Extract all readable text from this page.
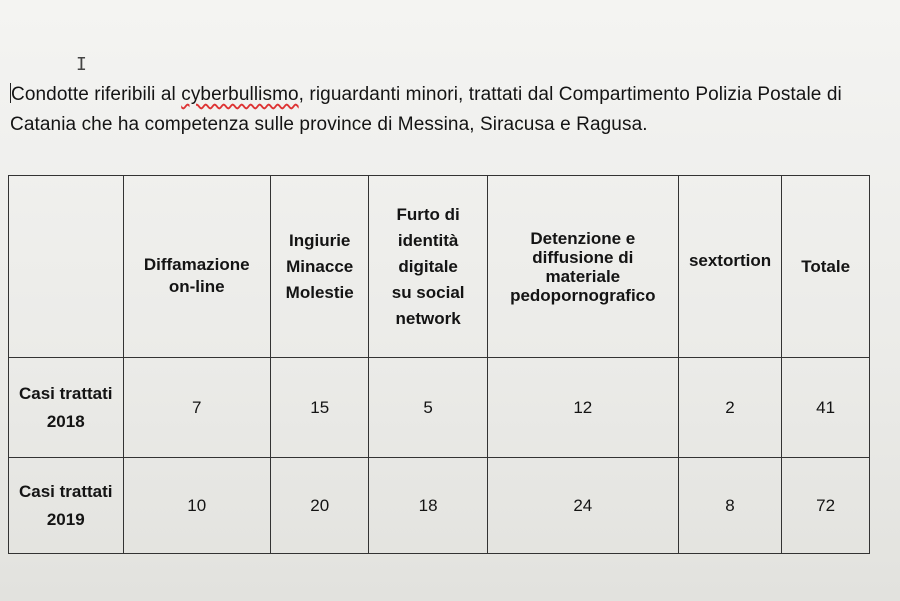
I
Condotte riferibili al cyberbullismo, riguardanti minori, trattati dal Compartimento Polizia Postale di Catania che ha competenza sulle province di Messina, Siracusa e Ragusa.

	Diffamazione
on-line	Ingiurie
Minacce
Molestie	Furto di
identità
digitale
su social
network	Detenzione e
diffusione di
materiale
pedopornografico	sextortion	Totale

Casi trattati
2018	7	15	5	12	2	41

Casi trattati
2019	10	20	18	24	8	72
